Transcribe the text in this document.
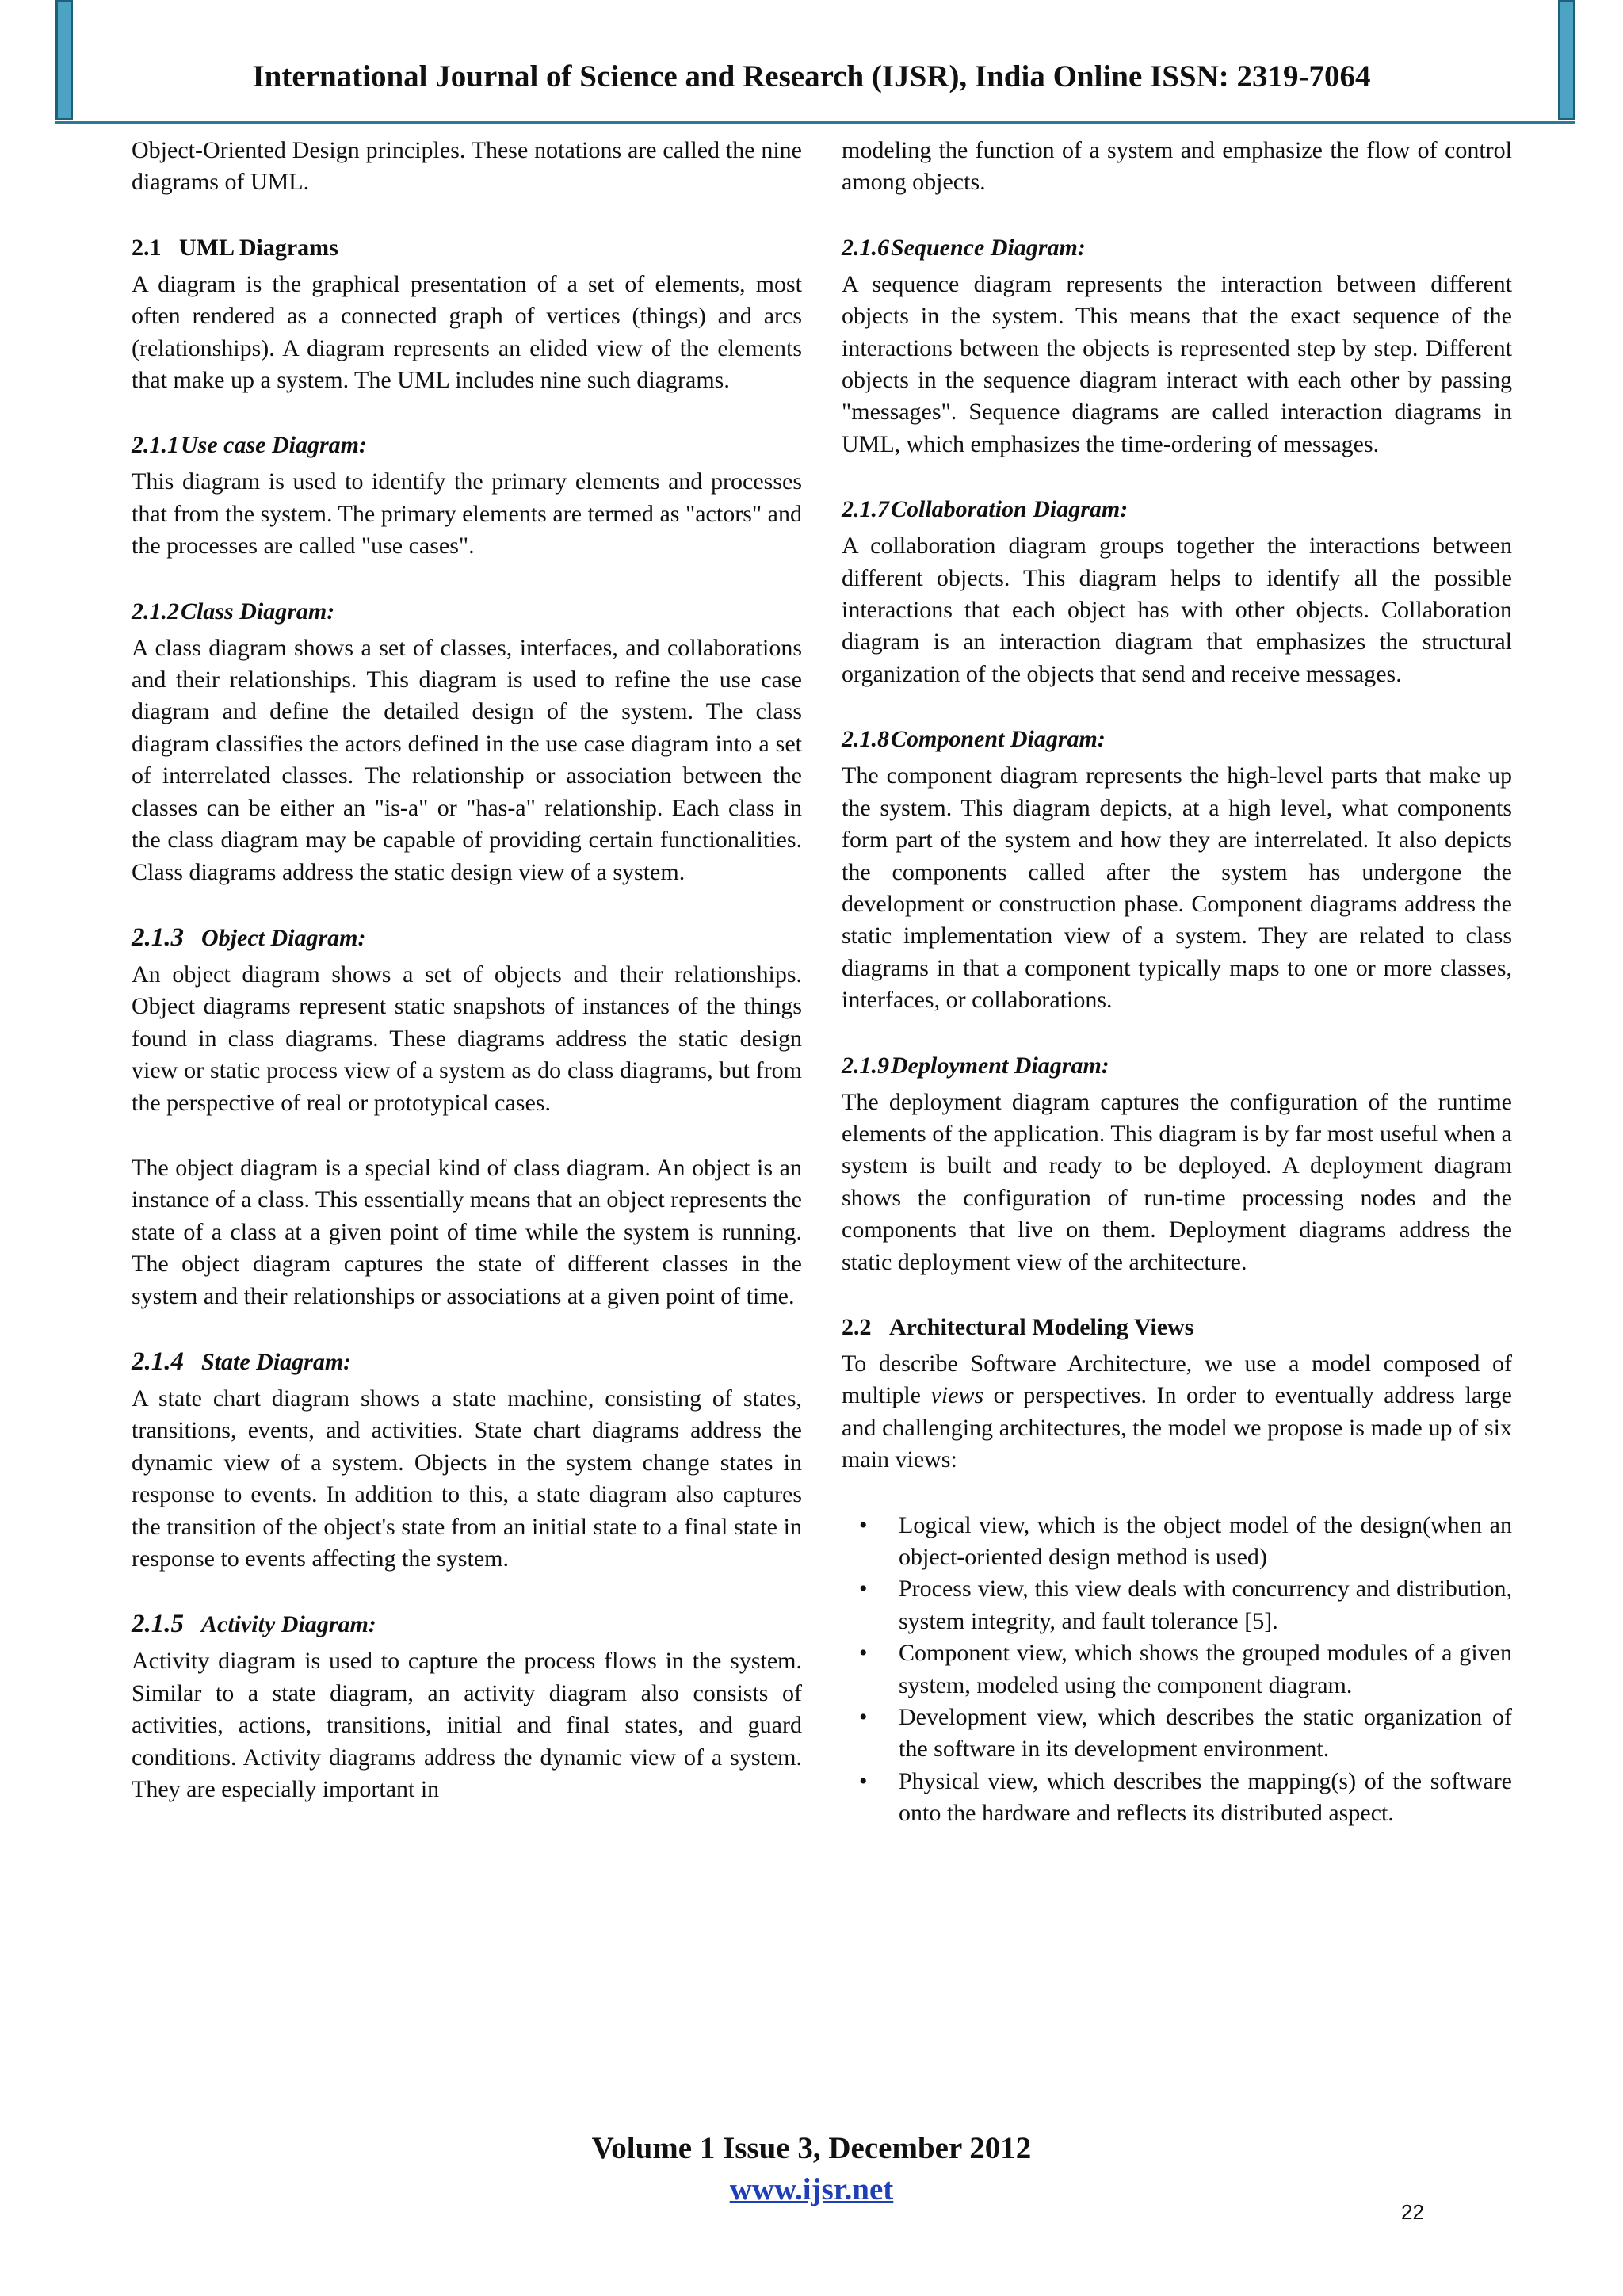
International Journal of Science and Research (IJSR), India Online ISSN: 2319-7064

Object-Oriented Design principles. These notations are called the nine diagrams of UML.

2.1 UML Diagrams

A diagram is the graphical presentation of a set of elements, most often rendered as a connected graph of vertices (things) and arcs (relationships). A diagram represents an elided view of the elements that make up a system. The UML includes nine such diagrams.

2.1.1Use case Diagram:

This diagram is used to identify the primary elements and processes that from the system. The primary elements are termed as "actors" and the processes are called "use cases".

2.1.2Class Diagram:

A class diagram shows a set of classes, interfaces, and collaborations and their relationships. This diagram is used to refine the use case diagram and define the detailed design of the system. The class diagram classifies the actors defined in the use case diagram into a set of interrelated classes. The relationship or association between the classes can be either an "is-a" or "has-a" relationship. Each class in the class diagram may be capable of providing certain functionalities. Class diagrams address the static design view of a system.

2.1.3 Object Diagram:

An object diagram shows a set of objects and their relationships. Object diagrams represent static snapshots of instances of the things found in class diagrams. These diagrams address the static design view or static process view of a system as do class diagrams, but from the perspective of real or prototypical cases.

The object diagram is a special kind of class diagram. An object is an instance of a class. This essentially means that an object represents the state of a class at a given point of time while the system is running. The object diagram captures the state of different classes in the system and their relationships or associations at a given point of time.

2.1.4 State Diagram:

A state chart diagram shows a state machine, consisting of states, transitions, events, and activities. State chart diagrams address the dynamic view of a system. Objects in the system change states in response to events. In addition to this, a state diagram also captures the transition of the object's state from an initial state to a final state in response to events affecting the system.

2.1.5 Activity Diagram:

Activity diagram is used to capture the process flows in the system. Similar to a state diagram, an activity diagram also consists of activities, actions, transitions, initial and final states, and guard conditions. Activity diagrams address the dynamic view of a system. They are especially important in

modeling the function of a system and emphasize the flow of control among objects.

2.1.6Sequence Diagram:

A sequence diagram represents the interaction between different objects in the system. This means that the exact sequence of the interactions between the objects is represented step by step. Different objects in the sequence diagram interact with each other by passing "messages". Sequence diagrams are called interaction diagrams in UML, which emphasizes the time-ordering of messages.

2.1.7Collaboration Diagram:

A collaboration diagram groups together the interactions between different objects. This diagram helps to identify all the possible interactions that each object has with other objects. Collaboration diagram is an interaction diagram that emphasizes the structural organization of the objects that send and receive messages.

2.1.8Component Diagram:

The component diagram represents the high-level parts that make up the system. This diagram depicts, at a high level, what components form part of the system and how they are interrelated. It also depicts the components called after the system has undergone the development or construction phase. Component diagrams address the static implementation view of a system. They are related to class diagrams in that a component typically maps to one or more classes, interfaces, or collaborations.

2.1.9Deployment Diagram:

The deployment diagram captures the configuration of the runtime elements of the application. This diagram is by far most useful when a system is built and ready to be deployed. A deployment diagram shows the configuration of run-time processing nodes and the components that live on them. Deployment diagrams address the static deployment view of the architecture.

2.2 Architectural Modeling Views

To describe Software Architecture, we use a model composed of multiple views or perspectives. In order to eventually address large and challenging architectures, the model we propose is made up of six main views:

• Logical view, which is the object model of the design(when an object-oriented design method is used)
• Process view, this view deals with concurrency and distribution, system integrity, and fault tolerance [5].
• Component view, which shows the grouped modules of a given system, modeled using the component diagram.
• Development view, which describes the static organization of the software in its development environment.
• Physical view, which describes the mapping(s) of the software onto the hardware and reflects its distributed aspect.
Volume 1 Issue 3, December 2012
www.ijsr.net
22
